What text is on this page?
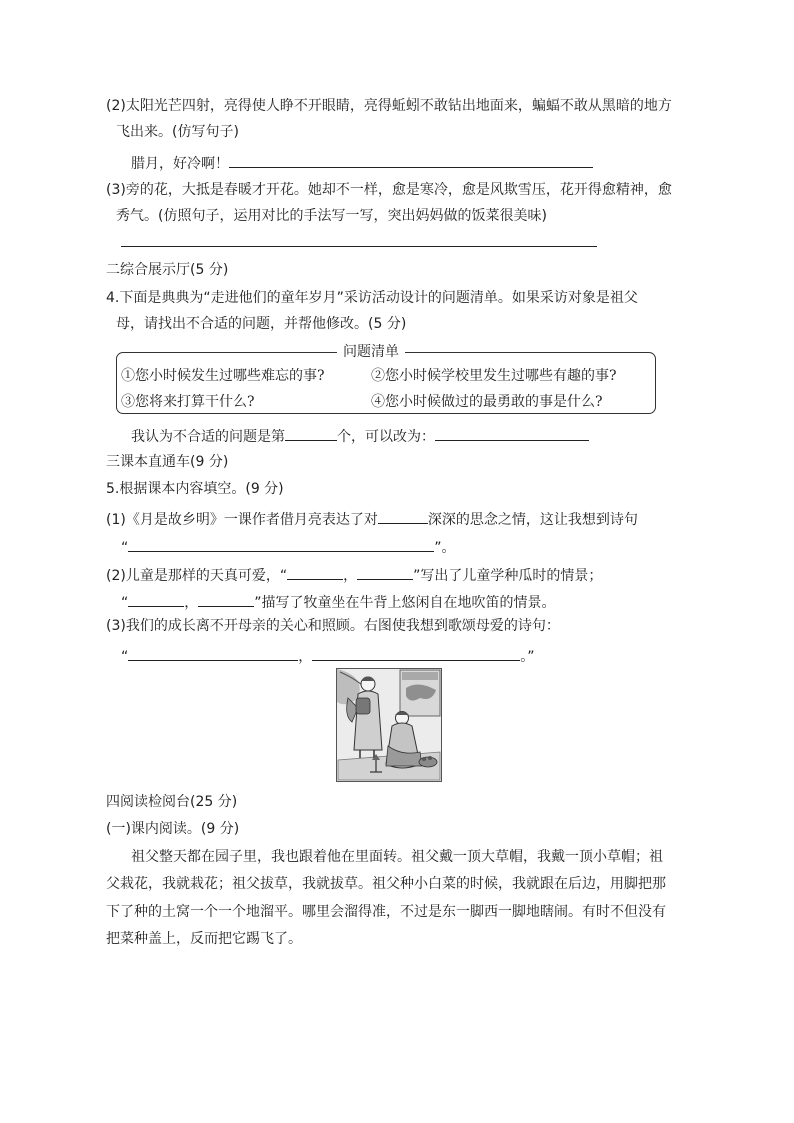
(2)太阳光芒四射，亮得使人睁不开眼睛，亮得蚯蚓不敢钻出地面来，蝙蝠不敢从黑暗的地方
飞出来。(仿写句子)
腊月，好冷啊！
(3)旁的花，大抵是春暖才开花。她却不一样，愈是寒冷，愈是风欺雪压，花开得愈精神，愈
秀气。(仿照句子，运用对比的手法写一写，突出妈妈做的饭菜很美味)
二综合展示厅(5 分)
4.下面是典典为“走进他们的童年岁月”采访活动设计的问题清单。如果采访对象是祖父
母，请找出不合适的问题，并帮他修改。(5 分)
问题清单
①您小时候发生过哪些难忘的事?	②您小时候学校里发生过哪些有趣的事?
③您将来打算干什么?	④您小时候做过的最勇敢的事是什么?
我认为不合适的问题是第	个，可以改为：
三课本直通车(9 分)
5.根据课本内容填空。(9 分)
(1)《月是故乡明》一课作者借月亮表达了对	深深的思念之情，这让我想到诗句
“	”。
(2)儿童是那样的天真可爱，“	，	”写出了儿童学种瓜时的情景；
“	，	”描写了牧童坐在牛背上悠闲自在地吹笛的情景。
(3)我们的成长离不开母亲的关心和照顾。右图使我想到歌颂母爱的诗句：
“	，	。”
四阅读检阅台(25 分)
(一)课内阅读。(9 分)
祖父整天都在园子里，我也跟着他在里面转。祖父戴一顶大草帽，我戴一顶小草帽；祖
父栽花，我就栽花；祖父拔草，我就拔草。祖父种小白菜的时候，我就跟在后边，用脚把那
下了种的土窝一个一个地溜平。哪里会溜得准，不过是东一脚西一脚地瞎闹。有时不但没有
把菜种盖上，反而把它踢飞了。
